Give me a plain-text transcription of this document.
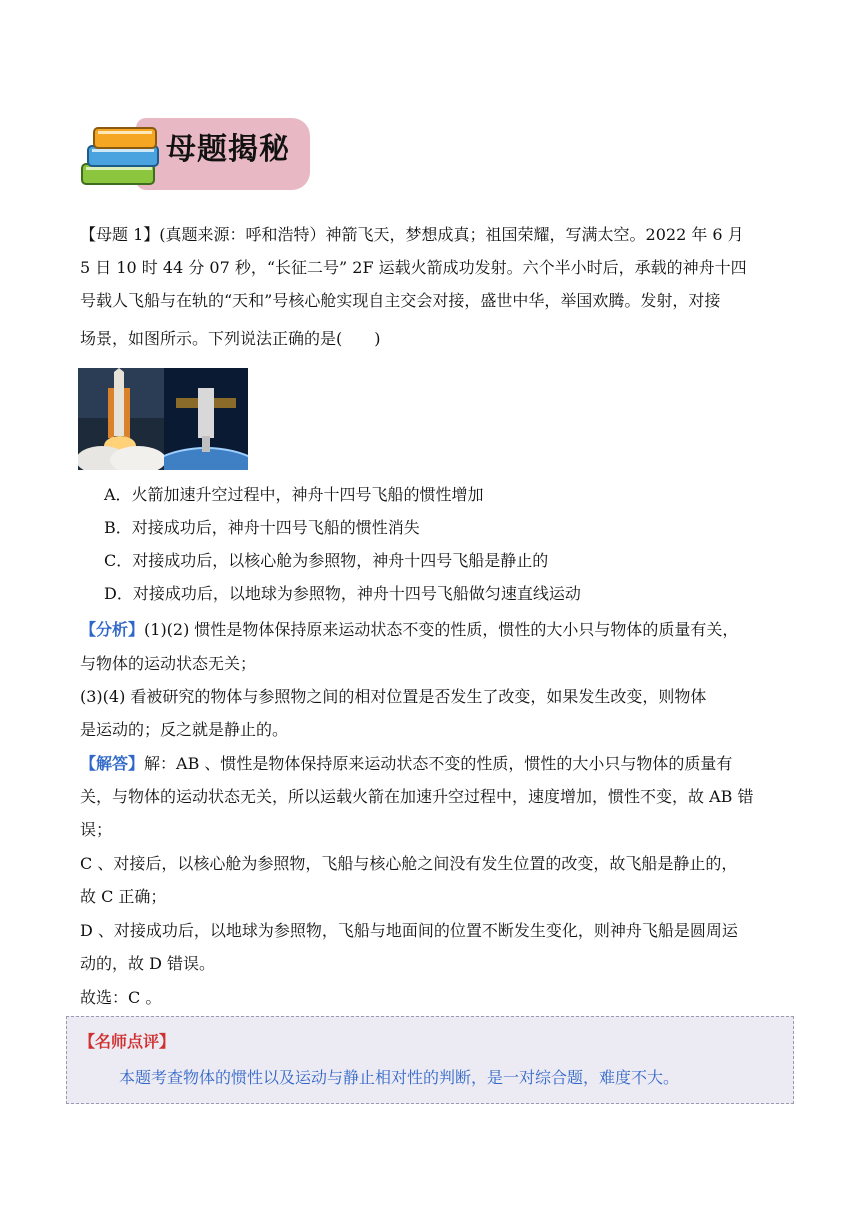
母题揭秘
【母题 1】(真题来源：呼和浩特）神箭飞天，梦想成真；祖国荣耀，写满太空。2022 年 6 月
5 日 10 时 44 分 07 秒，“长征二号” 2F 运载火箭成功发射。六个半小时后，承载的神舟十四
号载人飞船与在轨的“天和”号核心舱实现自主交会对接，盛世中华，举国欢腾。发射，对接
场景，如图所示。下列说法正确的是(　　)
A．火箭加速升空过程中，神舟十四号飞船的惯性增加
B．对接成功后，神舟十四号飞船的惯性消失
C．对接成功后，以核心舱为参照物，神舟十四号飞船是静止的
D．对接成功后，以地球为参照物，神舟十四号飞船做匀速直线运动
【分析】(1)(2) 惯性是物体保持原来运动状态不变的性质，惯性的大小只与物体的质量有关，
与物体的运动状态无关；
(3)(4) 看被研究的物体与参照物之间的相对位置是否发生了改变，如果发生改变，则物体
是运动的；反之就是静止的。
【解答】解：AB 、惯性是物体保持原来运动状态不变的性质，惯性的大小只与物体的质量有
关，与物体的运动状态无关，所以运载火箭在加速升空过程中，速度增加，惯性不变，故 AB 错
误；
C 、对接后，以核心舱为参照物，飞船与核心舱之间没有发生位置的改变，故飞船是静止的，
故 C 正确；
D 、对接成功后，以地球为参照物，飞船与地面间的位置不断发生变化，则神舟飞船是圆周运
动的，故 D 错误。
故选：C 。
【名师点评】
本题考查物体的惯性以及运动与静止相对性的判断，是一对综合题，难度不大。
